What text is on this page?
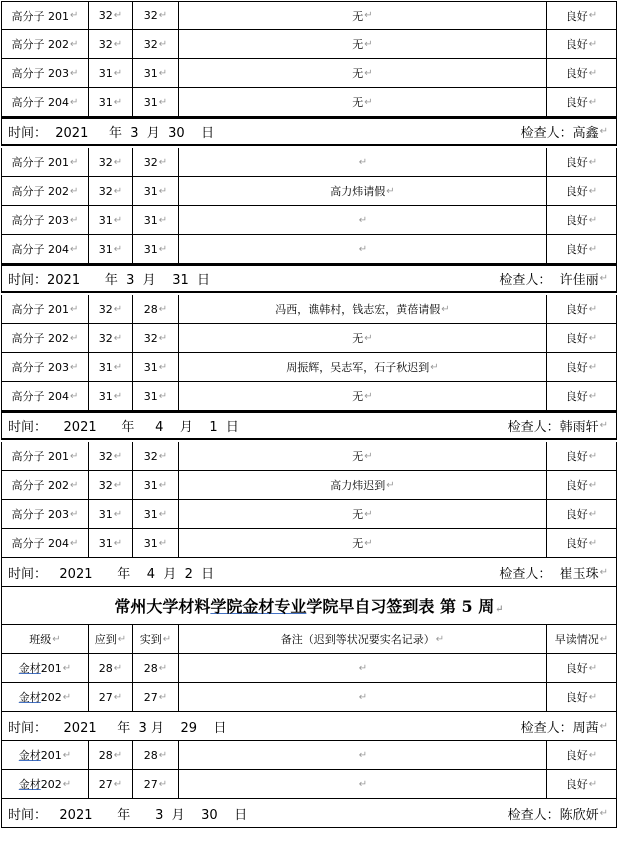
高分子 201 ↵ 32 ↵ 32 ↵	无 ↵	良好 ↵
高分子 202 ↵ 32 ↵ 32 ↵	无 ↵	良好 ↵
高分子 203 ↵ 31 ↵ 31 ↵	无 ↵	良好 ↵
高分子 204 ↵ 31 ↵ 31 ↵	无 ↵	良好 ↵
时间：  2021     年  3  月  30    日	检查人：高鑫 ↵
高分子 201 ↵ 32 ↵ 32 ↵	↵	良好 ↵
高分子 202 ↵ 32 ↵ 31 ↵	高力炜请假 ↵	良好 ↵
高分子 203 ↵ 31 ↵ 31 ↵	↵	良好 ↵
高分子 204 ↵ 31 ↵ 31 ↵	↵	良好 ↵
时间：2021      年  3  月    31  日	检查人：  许佳丽 ↵
高分子 201 ↵ 32 ↵ 28 ↵	冯西，谯韩村，钱志宏，黄蓓请假 ↵	良好 ↵
高分子 202 ↵ 32 ↵ 32 ↵	无 ↵	良好 ↵
高分子 203 ↵ 31 ↵ 31 ↵	周振辉，吴志军，石子秋迟到 ↵	良好 ↵
高分子 204 ↵ 31 ↵ 31 ↵	无 ↵	良好 ↵
时间：    2021      年     4    月    1  日	检查人：韩雨轩 ↵
高分子 201 ↵ 32 ↵ 32 ↵	无 ↵	良好 ↵
高分子 202 ↵ 32 ↵ 31 ↵	高力炜迟到 ↵	良好 ↵
高分子 203 ↵ 31 ↵ 31 ↵	无 ↵	良好 ↵
高分子 204 ↵ 31 ↵ 31 ↵	无 ↵	良好 ↵
时间：   2021      年    4  月  2  日	检查人：  崔玉珠 ↵
常州大学材料学院金材专业学院早自习签到表 第 5 周↵
班级 ↵	应到 ↵ 实到 ↵	备注（迟到等状况要实名记录） ↵	早读情况 ↵
金材 201 ↵	28 ↵ 28 ↵	↵	良好 ↵
金材 202 ↵	27 ↵ 27 ↵	↵	良好 ↵
时间：    2021     年  3 月    29    日	检查人：周茜 ↵
金材 201 ↵	28 ↵ 28 ↵	↵	良好 ↵
金材 202 ↵	27 ↵ 27 ↵	↵	良好 ↵
时间：   2021      年      3  月    30    日	检查人：陈欣妍 ↵
